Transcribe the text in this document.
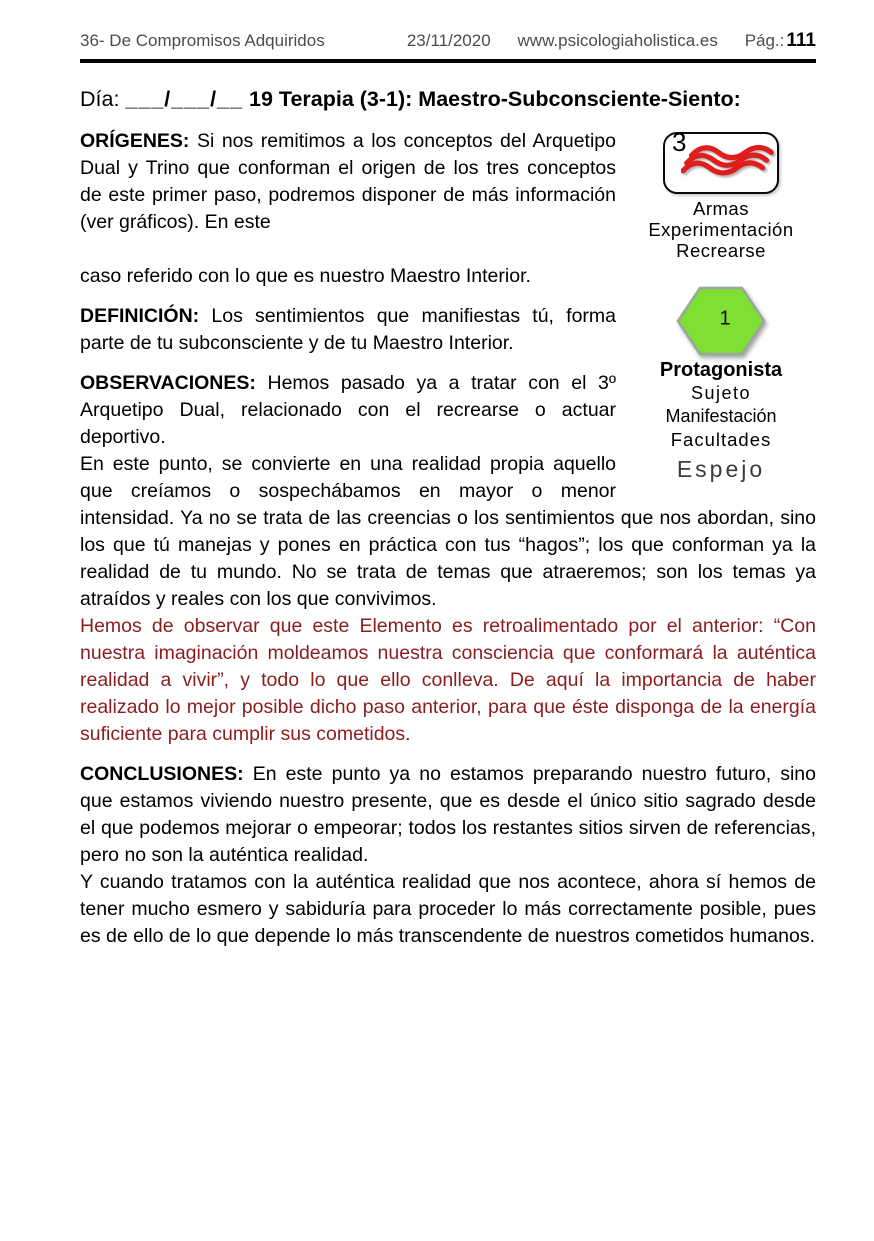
36- De Compromisos Adquiridos	23/11/2020 www.psicologiaholistica.es Pág.: 111
Día: ___/___/__ 19 Terapia (3-1): Maestro-Subconsciente-Siento:
3
Armas
Experimentación
Recrearse
1
Protagonista
Sujeto
Manifestación
Facultades
Espejo

ORÍGENES: Si nos remitimos a los conceptos del Arquetipo Dual y Trino que conforman el origen de los tres conceptos de este primer paso, podremos disponer de más información (ver gráficos). En este

caso referido con lo que es nuestro Maestro Interior.

DEFINICIÓN: Los sentimientos que manifiestas tú, forma parte de tu subconsciente y de tu Maestro Interior.

OBSERVACIONES: Hemos pasado ya a tratar con el 3º Arquetipo Dual, relacionado con el recrearse o actuar deportivo.

En este punto, se convierte en una realidad propia aquello que creíamos o sospechábamos en mayor o menor intensidad. Ya no se trata de las creencias o los sentimientos que nos abordan, sino los que tú manejas y pones en práctica con tus “hagos”; los que conforman ya la realidad de tu mundo. No se trata de temas que atraeremos; son los temas ya atraídos y reales con los que convivimos.

Hemos de observar que este Elemento es retroalimentado por el anterior: “Con nuestra imaginación moldeamos nuestra consciencia que conformará la auténtica realidad a vivir”, y todo lo que ello conlleva. De aquí la importancia de haber realizado lo mejor posible dicho paso anterior, para que éste disponga de la energía suficiente para cumplir sus cometidos.

CONCLUSIONES: En este punto ya no estamos preparando nuestro futuro, sino que estamos viviendo nuestro presente, que es desde el único sitio sagrado desde el que podemos mejorar o empeorar; todos los restantes sitios sirven de referencias, pero no son la auténtica realidad.

Y cuando tratamos con la auténtica realidad que nos acontece, ahora sí hemos de tener mucho esmero y sabiduría para proceder lo más correctamente posible, pues es de ello de lo que depende lo más transcendente de nuestros cometidos humanos.
